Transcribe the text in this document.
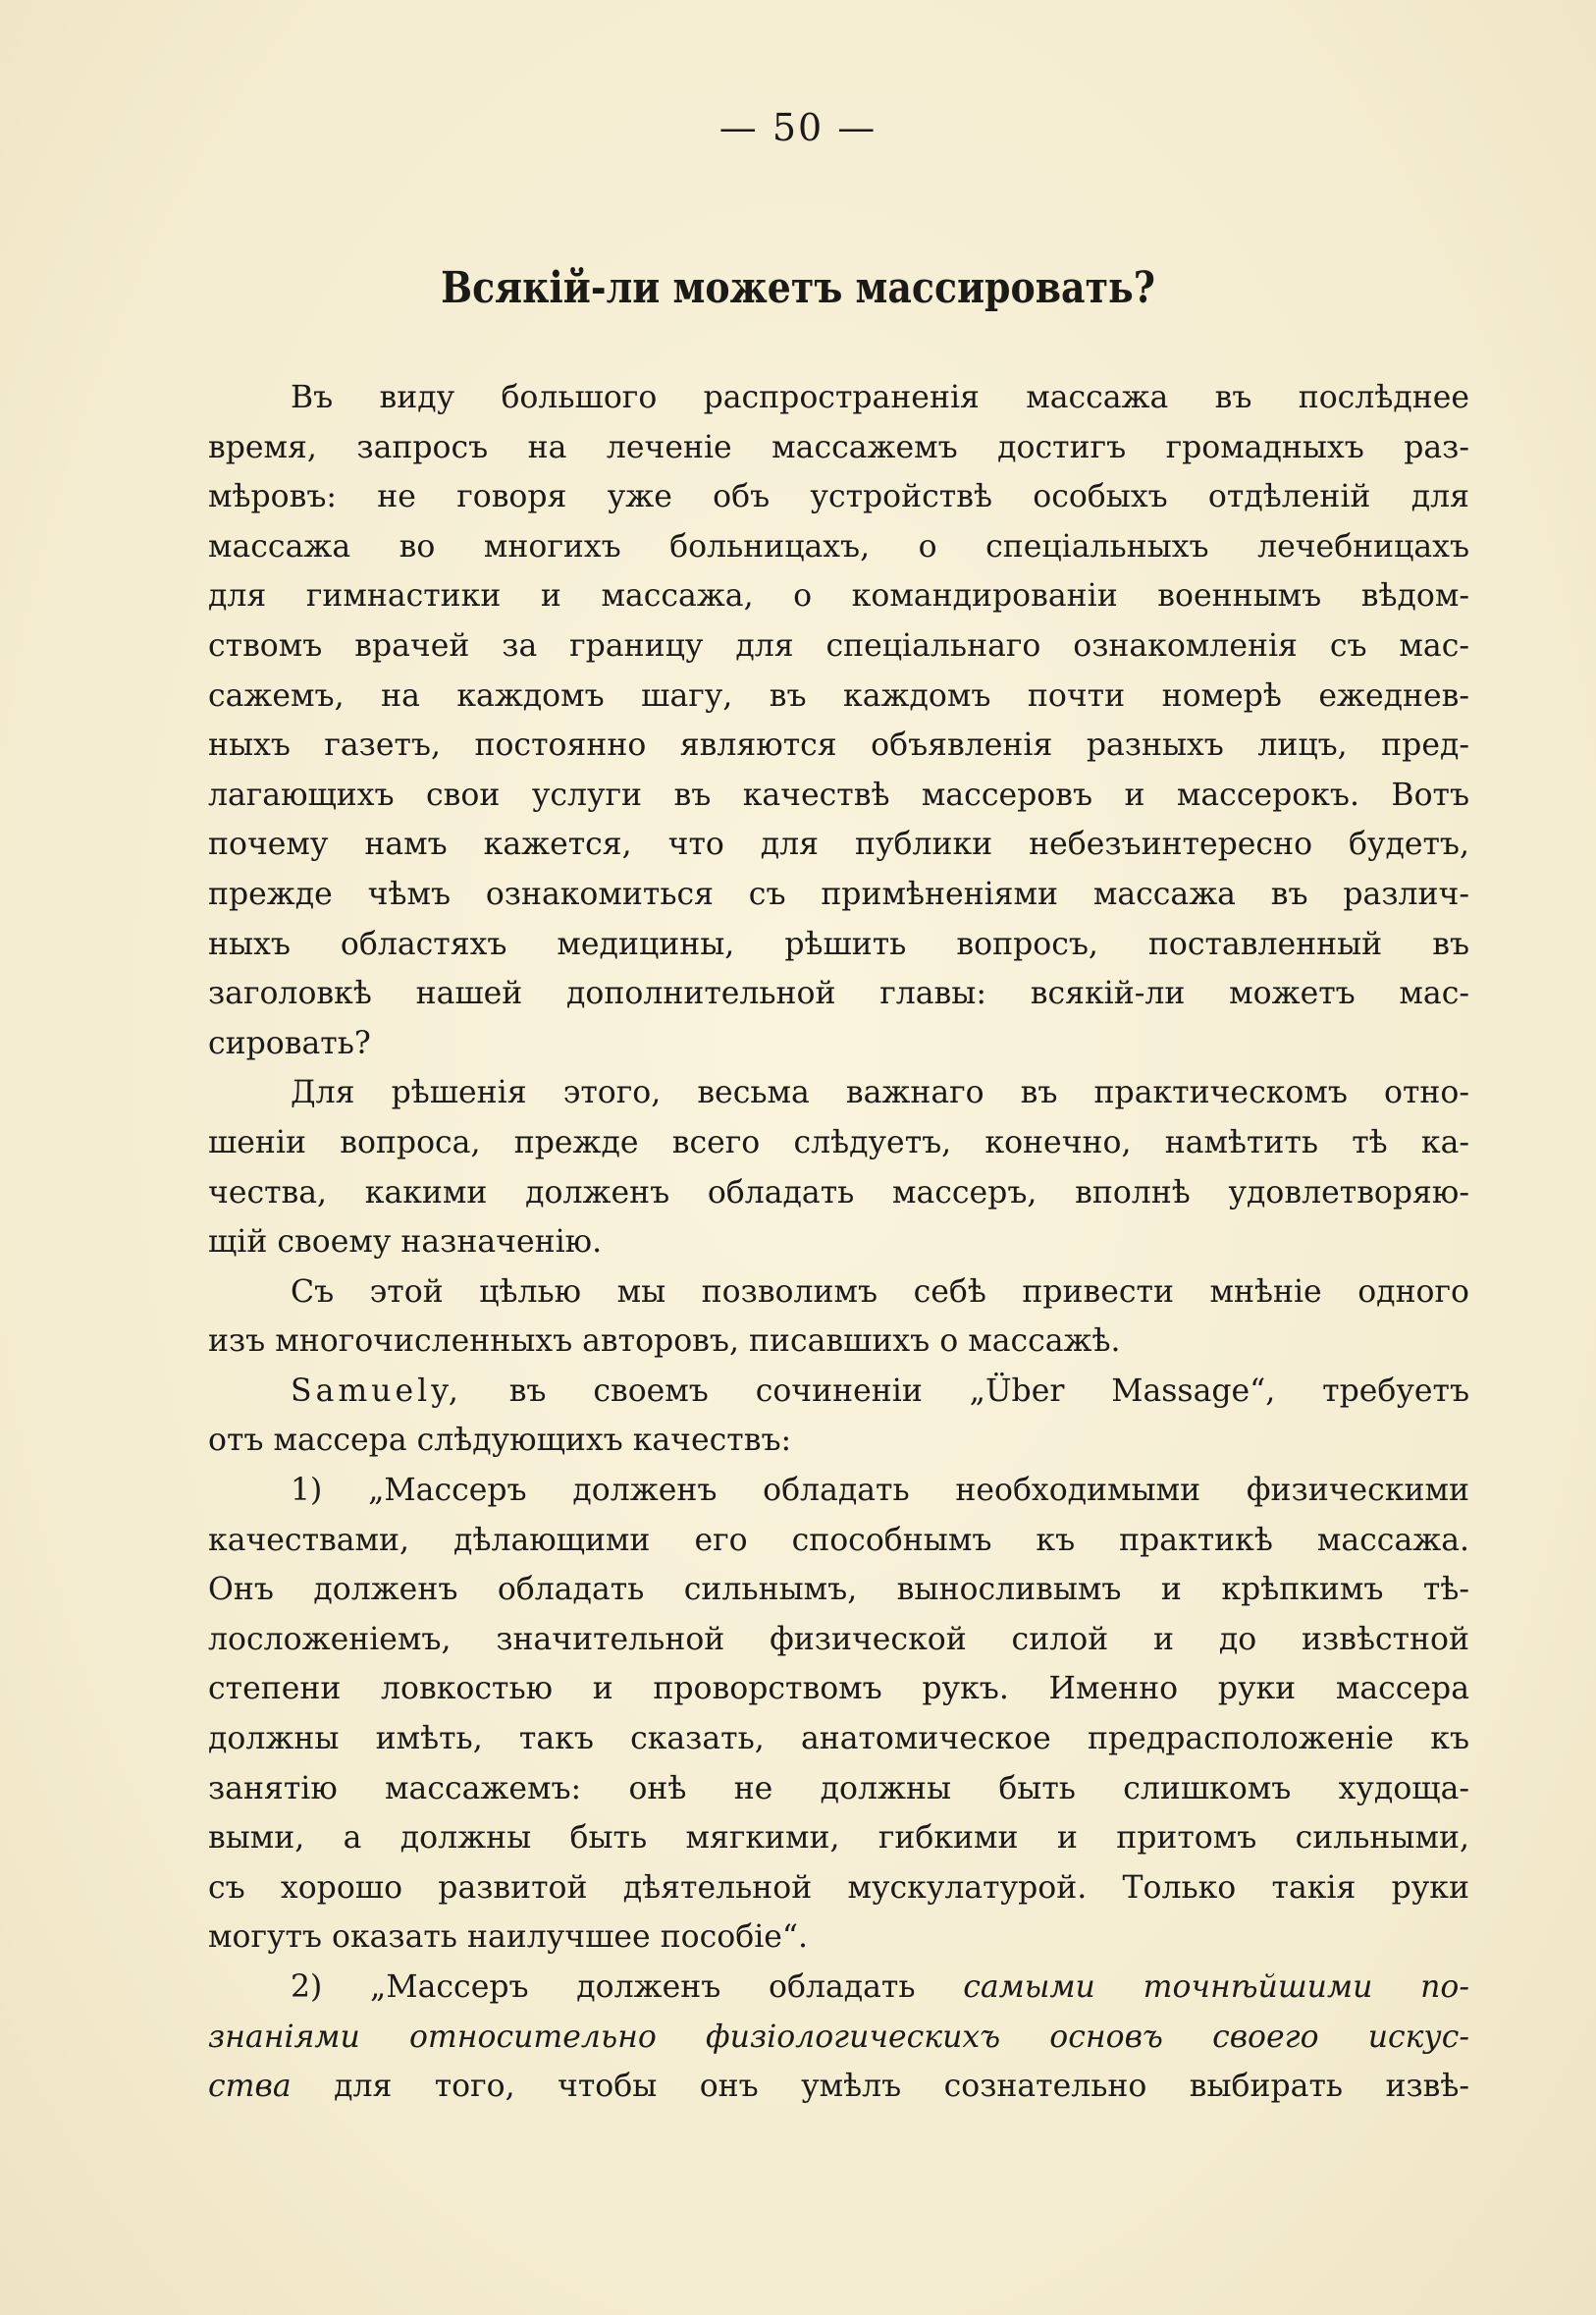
— 50 —
Всякій-ли можетъ массировать?
Въ виду большого распространенія массажа въ послѣднее
время, запросъ на леченіе массажемъ достигъ громадныхъ раз-
мѣровъ: не говоря уже объ устройствѣ особыхъ отдѣленій для
массажа во многихъ больницахъ, о спеціальныхъ лечебницахъ
для гимнастики и массажа, о командированіи военнымъ вѣдом-
ствомъ врачей за границу для спеціальнаго ознакомленія съ мас-
сажемъ, на каждомъ шагу, въ каждомъ почти номерѣ ежеднев-
ныхъ газетъ, постоянно являются объявленія разныхъ лицъ, пред-
лагающихъ свои услуги въ качествѣ массеровъ и массерокъ. Вотъ
почему намъ кажется, что для публики небезъинтересно будетъ,
прежде чѣмъ ознакомиться съ примѣненіями массажа въ различ-
ныхъ областяхъ медицины, рѣшить вопросъ, поставленный въ
заголовкѣ нашей дополнительной главы: всякій-ли можетъ мас-
сировать?
Для рѣшенія этого, весьма важнаго въ практическомъ отно-
шеніи вопроса, прежде всего слѣдуетъ, конечно, намѣтить тѣ ка-
чества, какими долженъ обладать массеръ, вполнѣ удовлетворяю-
щій своему назначенію.
Съ этой цѣлью мы позволимъ себѣ привести мнѣніе одного
изъ многочисленныхъ авторовъ, писавшихъ о массажѣ.
Samuely, въ своемъ сочиненіи „Über Massage“, требуетъ
отъ массера слѣдующихъ качествъ:
1) „Массеръ долженъ обладать необходимыми физическими
качествами, дѣлающими его способнымъ къ практикѣ массажа.
Онъ долженъ обладать сильнымъ, выносливымъ и крѣпкимъ тѣ-
лосложеніемъ, значительной физической силой и до извѣстной
степени ловкостью и проворствомъ рукъ. Именно руки массера
должны имѣть, такъ сказать, анатомическое предрасположеніе къ
занятію массажемъ: онѣ не должны быть слишкомъ худоща-
выми, а должны быть мягкими, гибкими и притомъ сильными,
съ хорошо развитой дѣятельной мускулатурой. Только такія руки
могутъ оказать наилучшее пособіе“.
2) „Массеръ долженъ обладать самыми точнѣйшими по-
знаніями относительно физіологическихъ основъ своего искус-
ства для того, чтобы онъ умѣлъ сознательно выбирать извѣ-
